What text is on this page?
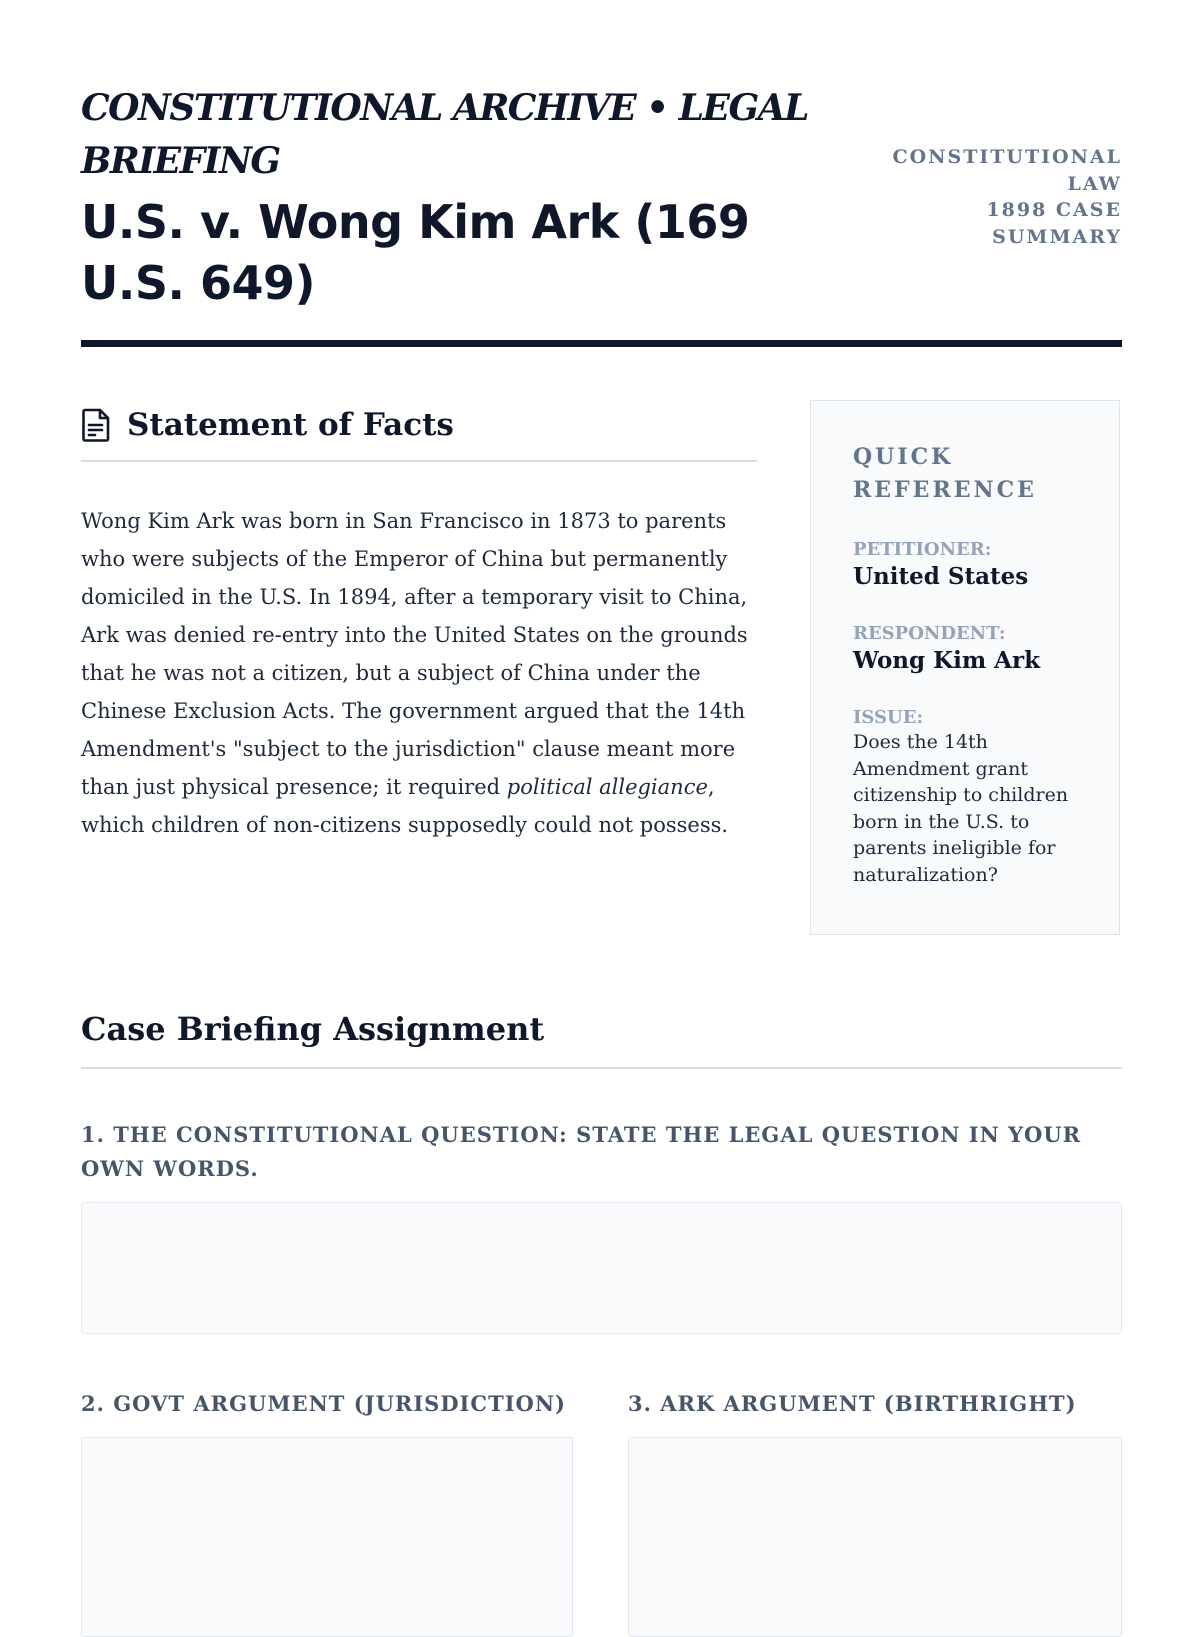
CONSTITUTIONAL ARCHIVE • LEGAL BRIEFING
U.S. v. Wong Kim Ark (169 U.S. 649)
CONSTITUTIONAL LAW
1898 CASE SUMMARY
Statement of Facts

Wong Kim Ark was born in San Francisco in 1873 to parents who were subjects of the Emperor of China but permanently domiciled in the U.S. In 1894, after a temporary visit to China, Ark was denied re-entry into the United States on the grounds that he was not a citizen, but a subject of China under the Chinese Exclusion Acts. The government argued that the 14th Amendment's "subject to the jurisdiction" clause meant more than just physical presence; it required political allegiance, which children of non-citizens supposedly could not possess.

QUICK REFERENCE
PETITIONER:
United States
RESPONDENT:
Wong Kim Ark
ISSUE:
Does the 14th Amendment grant citizenship to children born in the U.S. to parents ineligible for naturalization?
Case Briefing Assignment
1. THE CONSTITUTIONAL QUESTION: STATE THE LEGAL QUESTION IN YOUR OWN WORDS.
2. GOVT ARGUMENT (JURISDICTION)	3. ARK ARGUMENT (BIRTHRIGHT)
